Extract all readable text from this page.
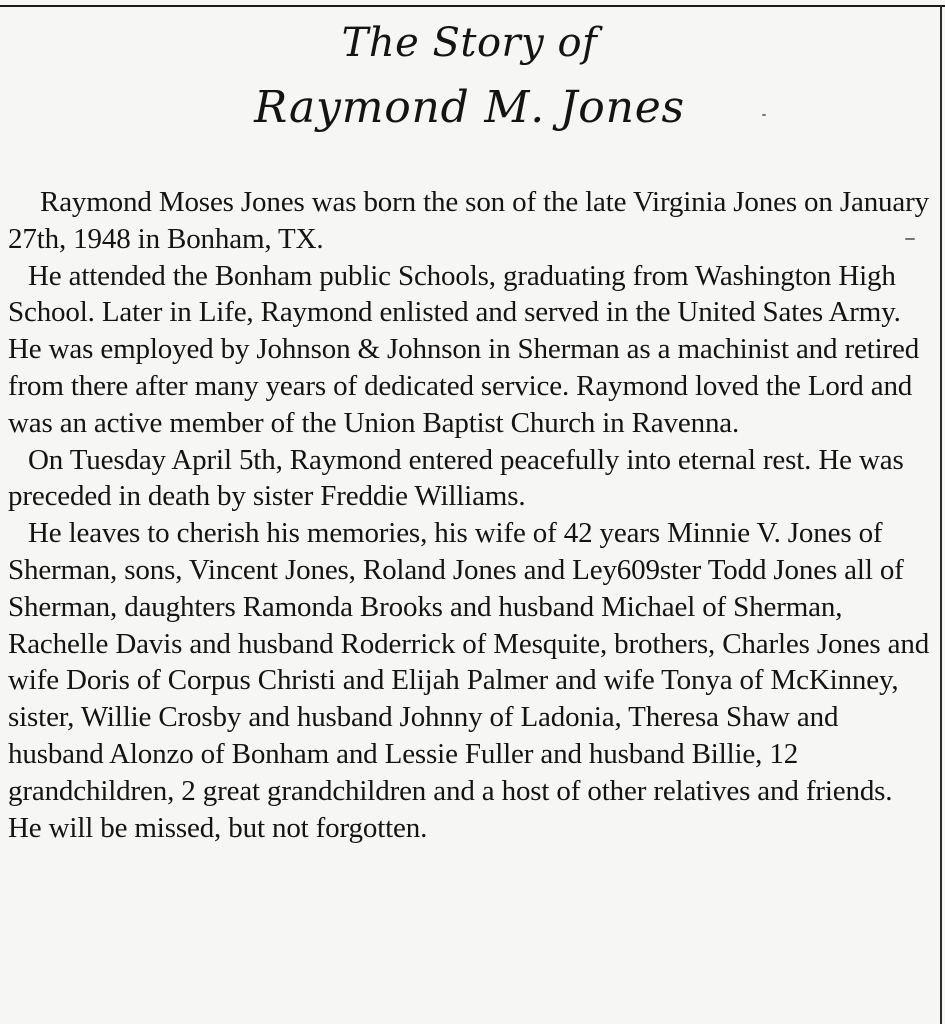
The Story of
Raymond M. Jones
Raymond Moses Jones was born the son of the late Virginia Jones on January 27th, 1948 in Bonham, TX.
He attended the Bonham public Schools, graduating from Washington High School. Later in Life, Raymond enlisted and served in the United Sates Army. He was employed by Johnson & Johnson in Sherman as a machinist and retired from there after many years of dedicated service. Raymond loved the Lord and was an active member of the Union Baptist Church in Ravenna.
On Tuesday April 5th, Raymond entered peacefully into eternal rest. He was preceded in death by sister Freddie Williams.
He leaves to cherish his memories, his wife of 42 years Minnie V. Jones of Sherman, sons, Vincent Jones, Roland Jones and Ley609ster Todd Jones all of Sherman, daughters Ramonda Brooks and husband Michael of Sherman, Rachelle Davis and husband Roderrick of Mesquite, brothers, Charles Jones and wife Doris of Corpus Christi and Elijah Palmer and wife Tonya of McKinney, sister, Willie Crosby and husband Johnny of Ladonia, Theresa Shaw and husband Alonzo of Bonham and Lessie Fuller and husband Billie, 12 grandchildren, 2 great grandchildren and a host of other relatives and friends. He will be missed, but not forgotten.
